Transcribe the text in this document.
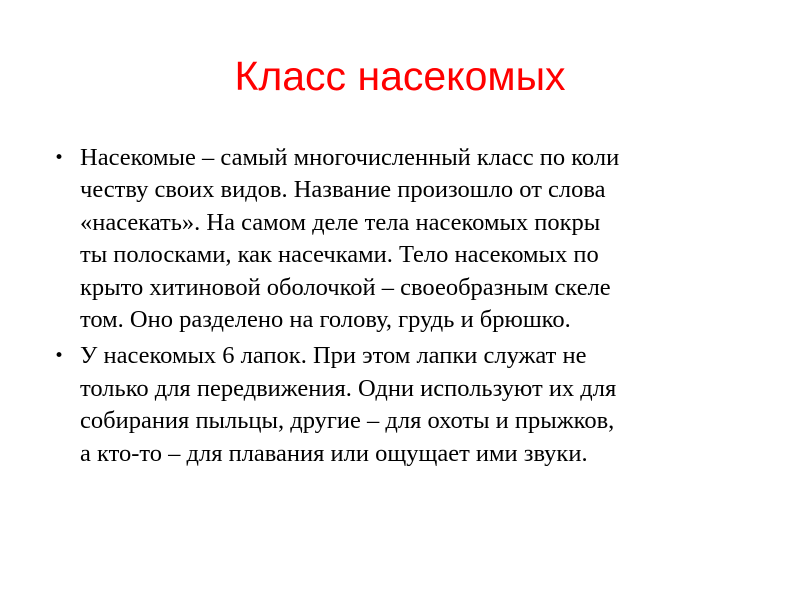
Класс насекомых
• Насекомые – самый многочисленный класс по коли
честву своих видов. Название произошло от слова
«насекать». На самом деле тела насекомых покры
ты полосками, как насечками. Тело насекомых по
крыто хитиновой оболочкой – своеобразным скеле
том. Оно разделено на голову, грудь и брюшко.
• У насекомых 6 лапок. При этом лапки служат не
только для передвижения. Одни используют их для
собирания пыльцы, другие – для охоты и прыжков,
а кто-то – для плавания или ощущает ими звуки.
